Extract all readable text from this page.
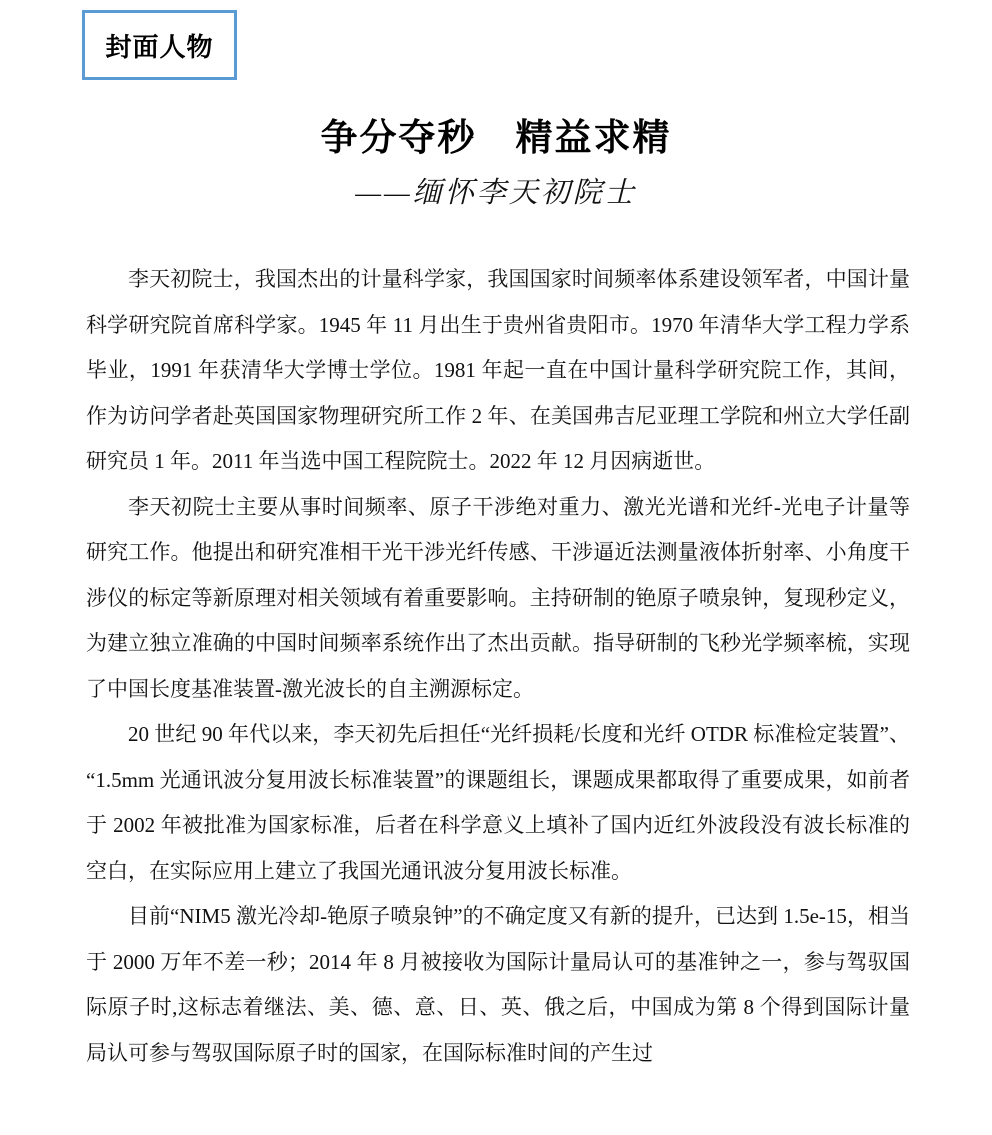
封面人物
争分夺秒　精益求精
——缅怀李天初院士

李天初院士，我国杰出的计量科学家，我国国家时间频率体系建设领军者，中国计量科学研究院首席科学家。1945 年 11 月出生于贵州省贵阳市。1970 年清华大学工程力学系毕业，1991 年获清华大学博士学位。1981 年起一直在中国计量科学研究院工作，其间，作为访问学者赴英国国家物理研究所工作 2 年、在美国弗吉尼亚理工学院和州立大学任副研究员 1 年。2011 年当选中国工程院院士。2022 年 12 月因病逝世。

李天初院士主要从事时间频率、原子干涉绝对重力、激光光谱和光纤-光电子计量等研究工作。他提出和研究准相干光干涉光纤传感、干涉逼近法测量液体折射率、小角度干涉仪的标定等新原理对相关领域有着重要影响。主持研制的铯原子喷泉钟，复现秒定义，为建立独立准确的中国时间频率系统作出了杰出贡献。指导研制的飞秒光学频率梳，实现了中国长度基准装置-激光波长的自主溯源标定。

20 世纪 90 年代以来，李天初先后担任“光纤损耗/长度和光纤 OTDR 标准检定装置”、“1.5mm 光通讯波分复用波长标准装置”的课题组长，课题成果都取得了重要成果，如前者于 2002 年被批准为国家标准，后者在科学意义上填补了国内近红外波段没有波长标准的空白，在实际应用上建立了我国光通讯波分复用波长标准。

目前“NIM5 激光冷却-铯原子喷泉钟”的不确定度又有新的提升，已达到 1.5e-15，相当于 2000 万年不差一秒；2014 年 8 月被接收为国际计量局认可的基准钟之一，参与驾驭国际原子时,这标志着继法、美、德、意、日、英、俄之后，中国成为第 8 个得到国际计量局认可参与驾驭国际原子时的国家，在国际标准时间的产生过
